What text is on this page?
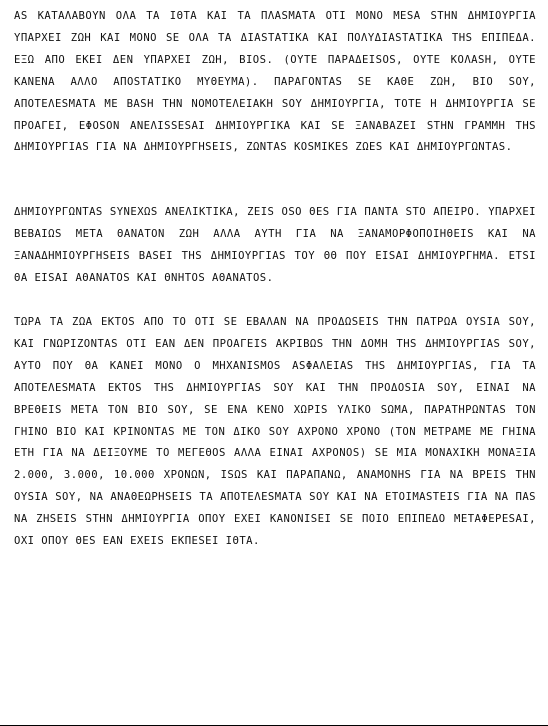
AS KATAΛABOYN OΛA TA IΘTA KAI TA ΠΛASMATA OTI MONO MESA STHN ΔHMIOYPΓIA YΠAPXEI ZΩH KAI MONO SE OΛA TA ΔIASTATIKA KAI ΠOΛYΔIASTATIKA THS EΠIΠEΔA. EΞΩ AΠO EKEI ΔEN YΠAPXEI ZΩH, BIOS. (OYTE ΠAPAΔEISOS, OYTE KOΛASH, OYTE KANENA AΛΛO AΠOSTATIKO MYΘEYMA). ΠAPAΓONTAS SE KAΘE ZΩH, BIO SOY, AΠOTEΛESMATA ME BASH THN NOMOTEΛEIAKH SOY ΔHMIOYPΓIA, TOTE H ΔHMIOYPΓIA SE ΠPOAΓEI, EΦOSON ANEΛISSESAI ΔHMIOYPΓIKA KAI SE ΞANABAZEI STHN ΓPAMMH THS ΔHMIOYPΓIAS ΓIA NA ΔHMIOYPΓHSEIS, ZΩNTAS KOSMIKES ZΩES KAI ΔHMIOYPΓΩNTAS.

ΔHMIOYPΓΩNTAS SYNEXΩS ANEΛIKTIKA, ZEIS OSO ΘES ΓIA ΠANTA STO AΠEIPO. YΠAPXEI BEBAIΩS META ΘANATON ZΩH AΛΛA AYTH ΓIA NA ΞANAMOPΦOΠOIHΘEIS KAI NA ΞANAΔHMIOYPΓHSEIS BASEI THS ΔHMIOYPΓIAS TOY ΘΘ ΠOY EISAI ΔHMIOYPΓHMA. ETSI ΘA EISAI AΘANATOS KAI ΘNHTOS AΘANATOS.

TΩPA TA ZΩA EKTOS AΠO TO OTI SE EBAΛAN NA ΠPOΔΩSEIS THN ΠATPΩA OYSIA SOY, KAI ΓNΩPIZONTAS OTI EAN ΔEN ΠPOAΓEIS AKPIBΩS THN ΔOMH THS ΔHMIOYPΓIAS SOY, AYTO ΠOY ΘA KANEI MONO O MHXANISMOS ASΦAΛEIAS THS ΔHMIOYPΓIAS, ΓIA TA AΠOTEΛESMATA EKTOS THS ΔHMIOYPΓIAS SOY KAI THN ΠPOΔOSIA SOY, EINAI NA BPEΘEIS META TON BIO SOY, SE ENA KENO XΩPIS YΛIKO SΩMA, ΠAPATHPΩNTAS TON ΓHINO BIO KAI KPINONTAS ME TON ΔIKO SOY AXPONO XPONO (TON METPAME ME ΓHINA ETH ΓIA NA ΔEIΞOYME TO MEΓEΘOS AΛΛA EINAI AXPONOS) SE MIA MONAXIKH MONAΞIA 2.000, 3.000, 10.000 XPONΩN, ISΩS KAI ΠAPAΠANΩ, ANAMONHS ΓIA NA BPEIS THN OYSIA SOY, NA ANAΘEΩPHSEIS TA AΠOTEΛESMATA SOY KAI NA ETOIMASTEIS ΓIA NA ΠAS NA ZHSEIS STHN ΔHMIOYPΓIA OΠOY EXEI KANONISEI SE ΠOIO EΠIΠEΔO METAΦEPESAI, OXI OΠOY ΘES EAN EXEIS EKΠESEI IΘTA.
